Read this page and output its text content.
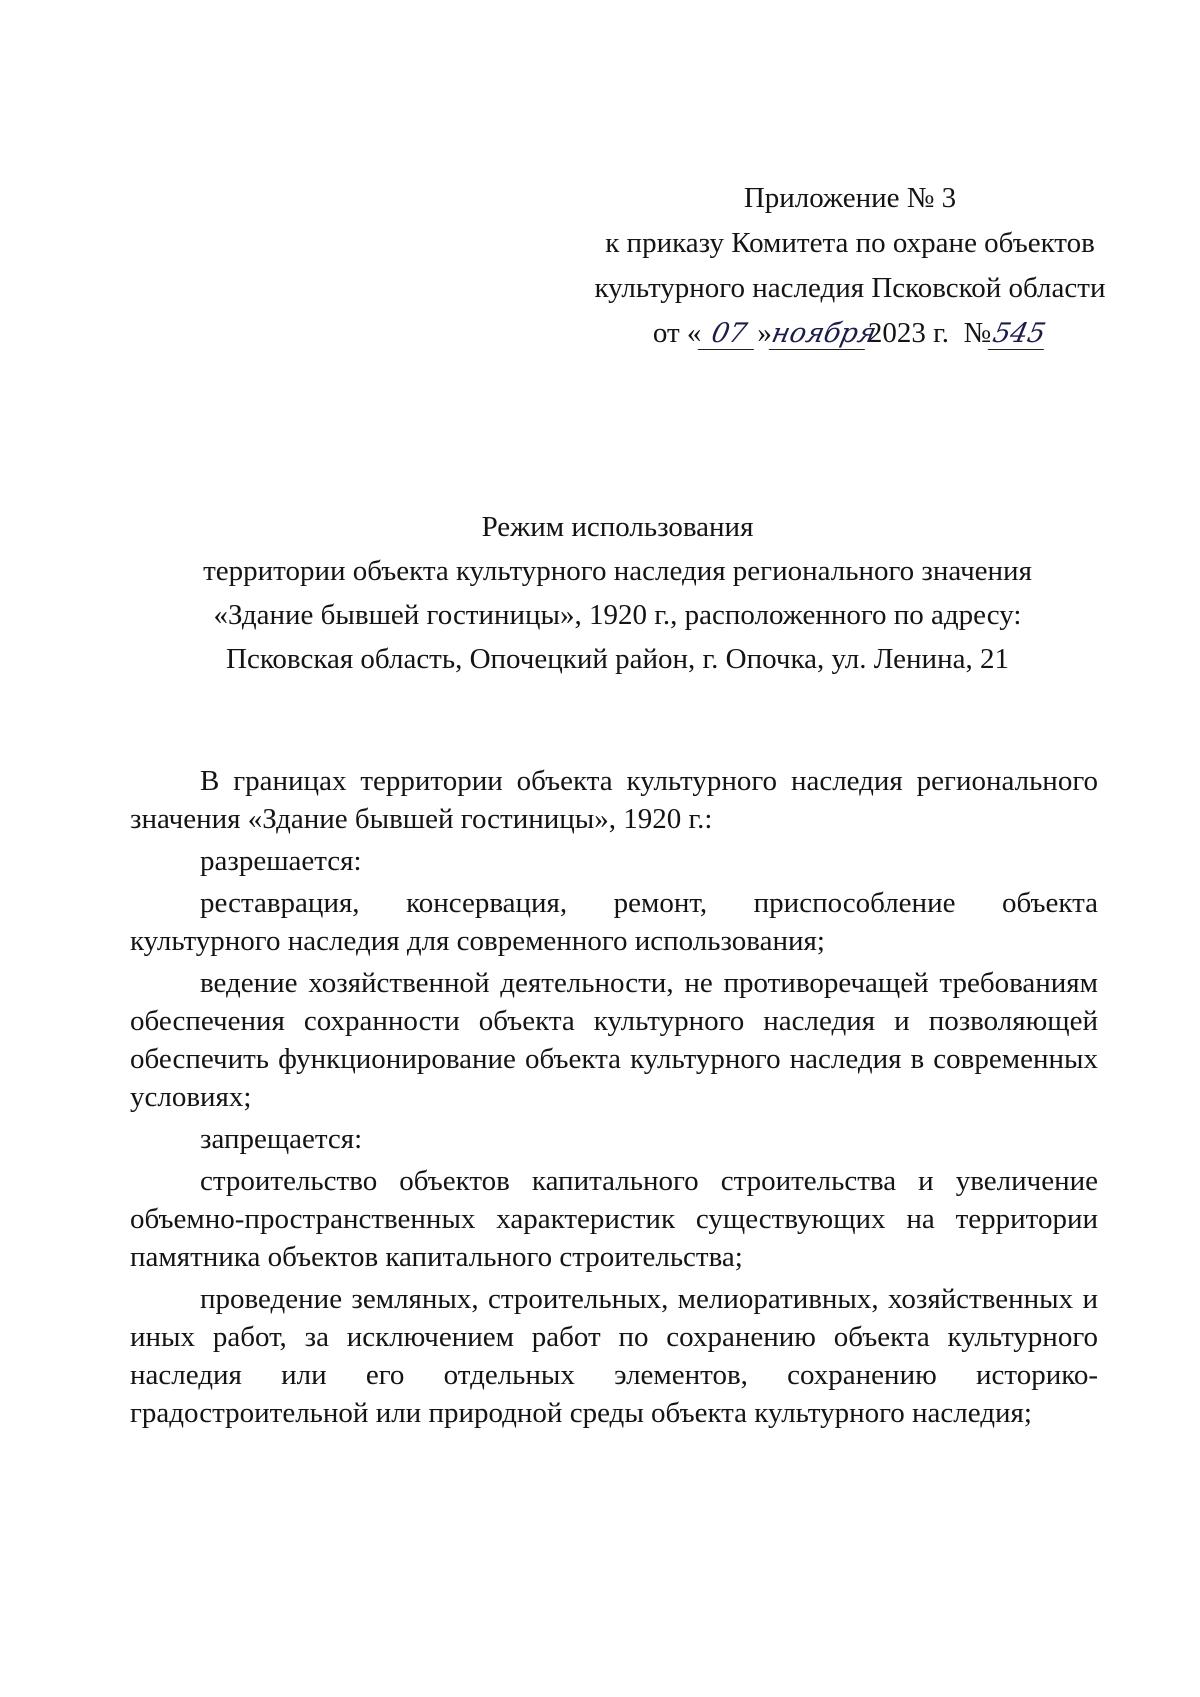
Приложение № 3
к приказу Комитета по охране объектов
культурного наследия Псковской области
от « 07 »ноября2023 г. №545
Режим использования
территории объекта культурного наследия регионального значения
«Здание бывшей гостиницы», 1920 г., расположенного по адресу:
Псковская область, Опочецкий район, г. Опочка, ул. Ленина, 21

В границах территории объекта культурного наследия регионального значения «Здание бывшей гостиницы», 1920 г.:

разрешается:

реставрация, консервация, ремонт, приспособление объекта культурного наследия для современного использования;

ведение хозяйственной деятельности, не противоречащей требованиям обеспечения сохранности объекта культурного наследия и позволяющей обеспечить функционирование объекта культурного наследия в современных условиях;

запрещается:

строительство объектов капитального строительства и увеличение объемно-пространственных характеристик существующих на территории памятника объектов капитального строительства;

проведение земляных, строительных, мелиоративных, хозяйственных и иных работ, за исключением работ по сохранению объекта культурного наследия или его отдельных элементов, сохранению историко-градостроительной или природной среды объекта культурного наследия;
